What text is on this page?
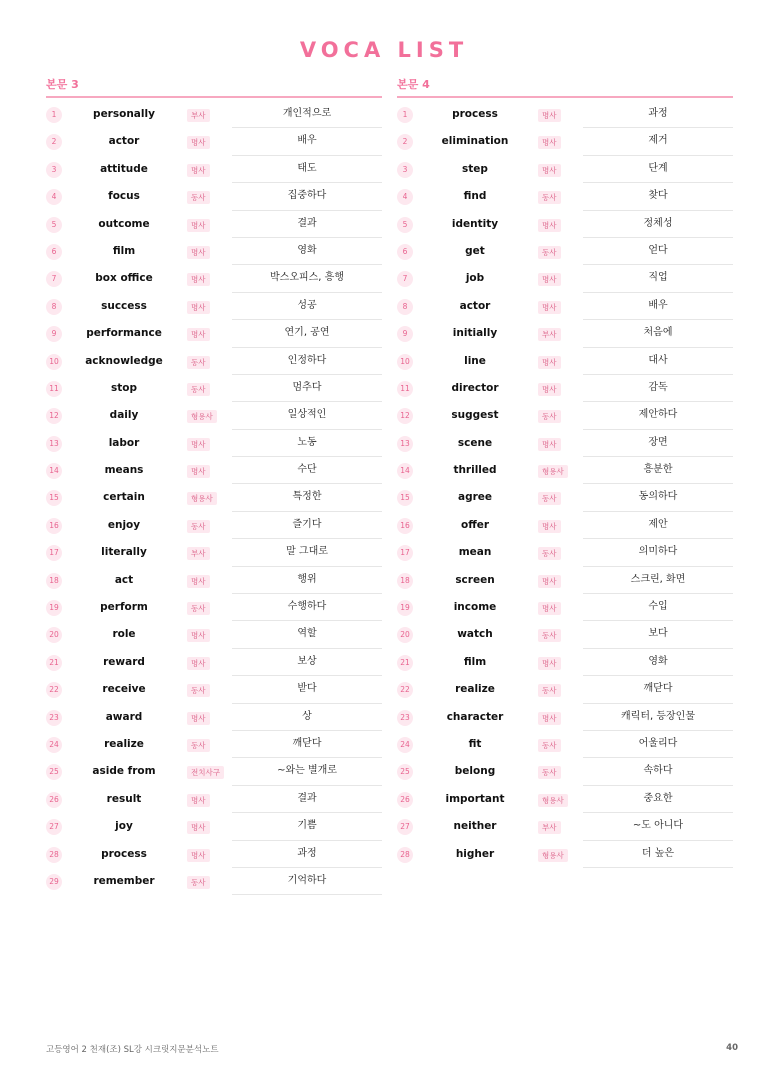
VOCA LIST
본문 3
1	personally	부사	개인적으로
2	actor	명사	배우
3	attitude	명사	태도
4	focus	동사	집중하다
5	outcome	명사	결과
6	film	명사	영화
7	box office	명사	박스오피스, 흥행
8	success	명사	성공
9	performance	명사	연기, 공연
10	acknowledge	동사	인정하다
11	stop	동사	멈추다
12	daily	형용사	일상적인
13	labor	명사	노동
14	means	명사	수단
15	certain	형용사	특정한
16	enjoy	동사	즐기다
17	literally	부사	말 그대로
18	act	명사	행위
19	perform	동사	수행하다
20	role	명사	역할
21	reward	명사	보상
22	receive	동사	받다
23	award	명사	상
24	realize	동사	깨닫다
25	aside from	전치사구	~와는 별개로
26	result	명사	결과
27	joy	명사	기쁨
28	process	명사	과정
29	remember	동사	기억하다
본문 4
1	process	명사	과정
2	elimination	명사	제거
3	step	명사	단계
4	find	동사	찾다
5	identity	명사	정체성
6	get	동사	얻다
7	job	명사	직업
8	actor	명사	배우
9	initially	부사	처음에
10	line	명사	대사
11	director	명사	감독
12	suggest	동사	제안하다
13	scene	명사	장면
14	thrilled	형용사	흥분한
15	agree	동사	동의하다
16	offer	명사	제안
17	mean	동사	의미하다
18	screen	명사	스크린, 화면
19	income	명사	수입
20	watch	동사	보다
21	film	명사	영화
22	realize	동사	깨닫다
23	character	명사	캐릭터, 등장인물
24	fit	동사	어울리다
25	belong	동사	속하다
26	important	형용사	중요한
27	neither	부사	~도 아니다
28	higher	형용사	더 높은
고등영어 2 천재(조) SL강 시크릿지문분석노트	40
